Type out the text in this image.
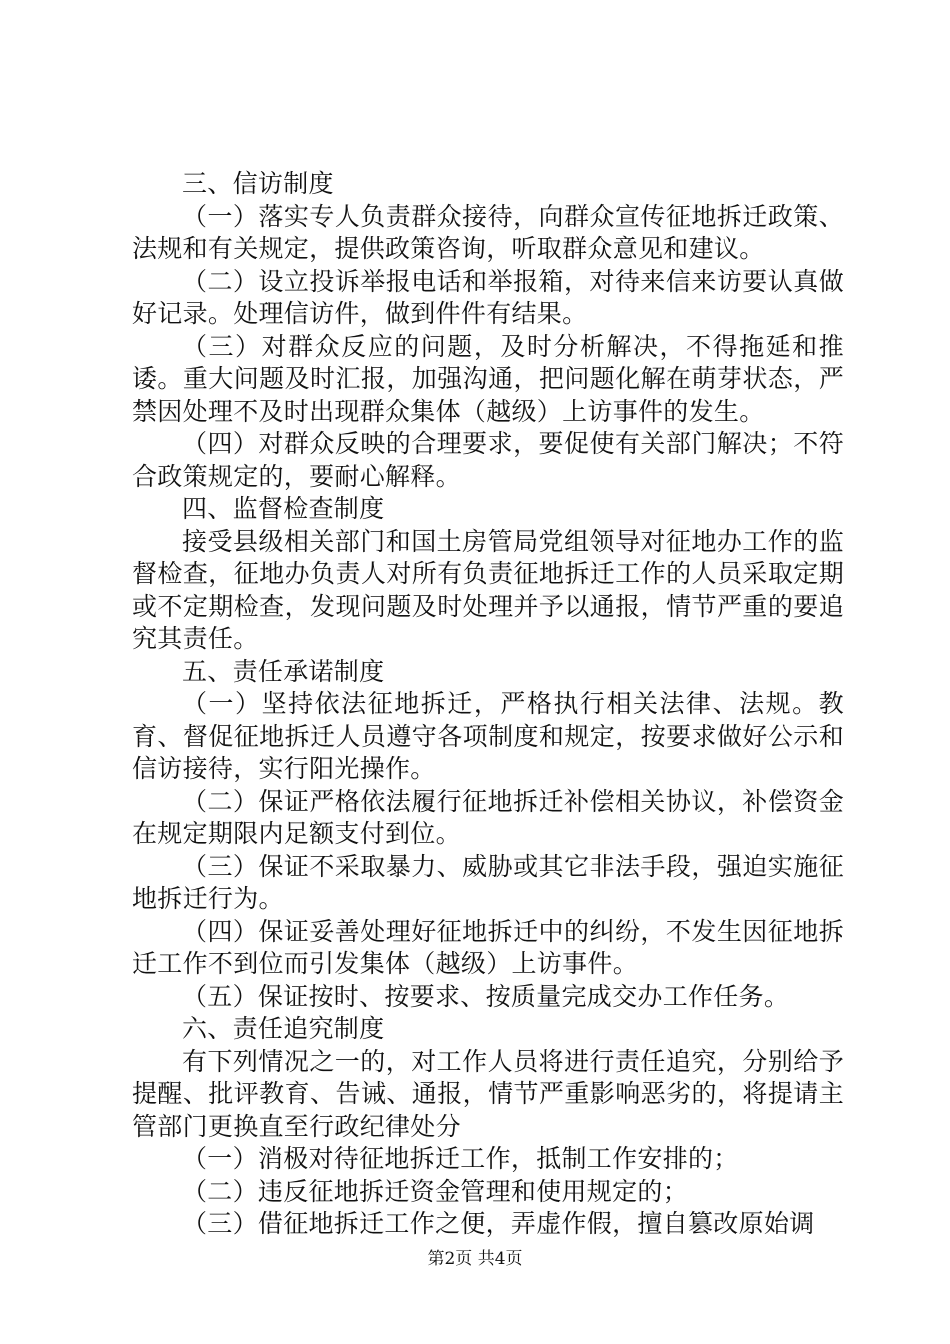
三、信访制度

（一）落实专人负责群众接待，向群众宣传征地拆迁政策、法规和有关规定，提供政策咨询，听取群众意见和建议。

（二）设立投诉举报电话和举报箱，对待来信来访要认真做好记录。处理信访件，做到件件有结果。

（三）对群众反应的问题，及时分析解决，不得拖延和推诿。重大问题及时汇报，加强沟通，把问题化解在萌芽状态，严禁因处理不及时出现群众集体（越级）上访事件的发生。

（四）对群众反映的合理要求，要促使有关部门解决；不符合政策规定的，要耐心解释。

四、监督检查制度

接受县级相关部门和国土房管局党组领导对征地办工作的监督检查，征地办负责人对所有负责征地拆迁工作的人员采取定期或不定期检查，发现问题及时处理并予以通报，情节严重的要追究其责任。

五、责任承诺制度

（一）坚持依法征地拆迁，严格执行相关法律、法规。教育、督促征地拆迁人员遵守各项制度和规定，按要求做好公示和信访接待，实行阳光操作。

（二）保证严格依法履行征地拆迁补偿相关协议，补偿资金在规定期限内足额支付到位。

（三）保证不采取暴力、威胁或其它非法手段，强迫实施征地拆迁行为。

（四）保证妥善处理好征地拆迁中的纠纷，不发生因征地拆迁工作不到位而引发集体（越级）上访事件。

（五）保证按时、按要求、按质量完成交办工作任务。

六、责任追究制度

有下列情况之一的，对工作人员将进行责任追究，分别给予提醒、批评教育、告诫、通报，情节严重影响恶劣的，将提请主管部门更换直至行政纪律处分

（一）消极对待征地拆迁工作，抵制工作安排的；

（二）违反征地拆迁资金管理和使用规定的；

（三）借征地拆迁工作之便，弄虚作假，擅自篡改原始调

第2页 共4页
